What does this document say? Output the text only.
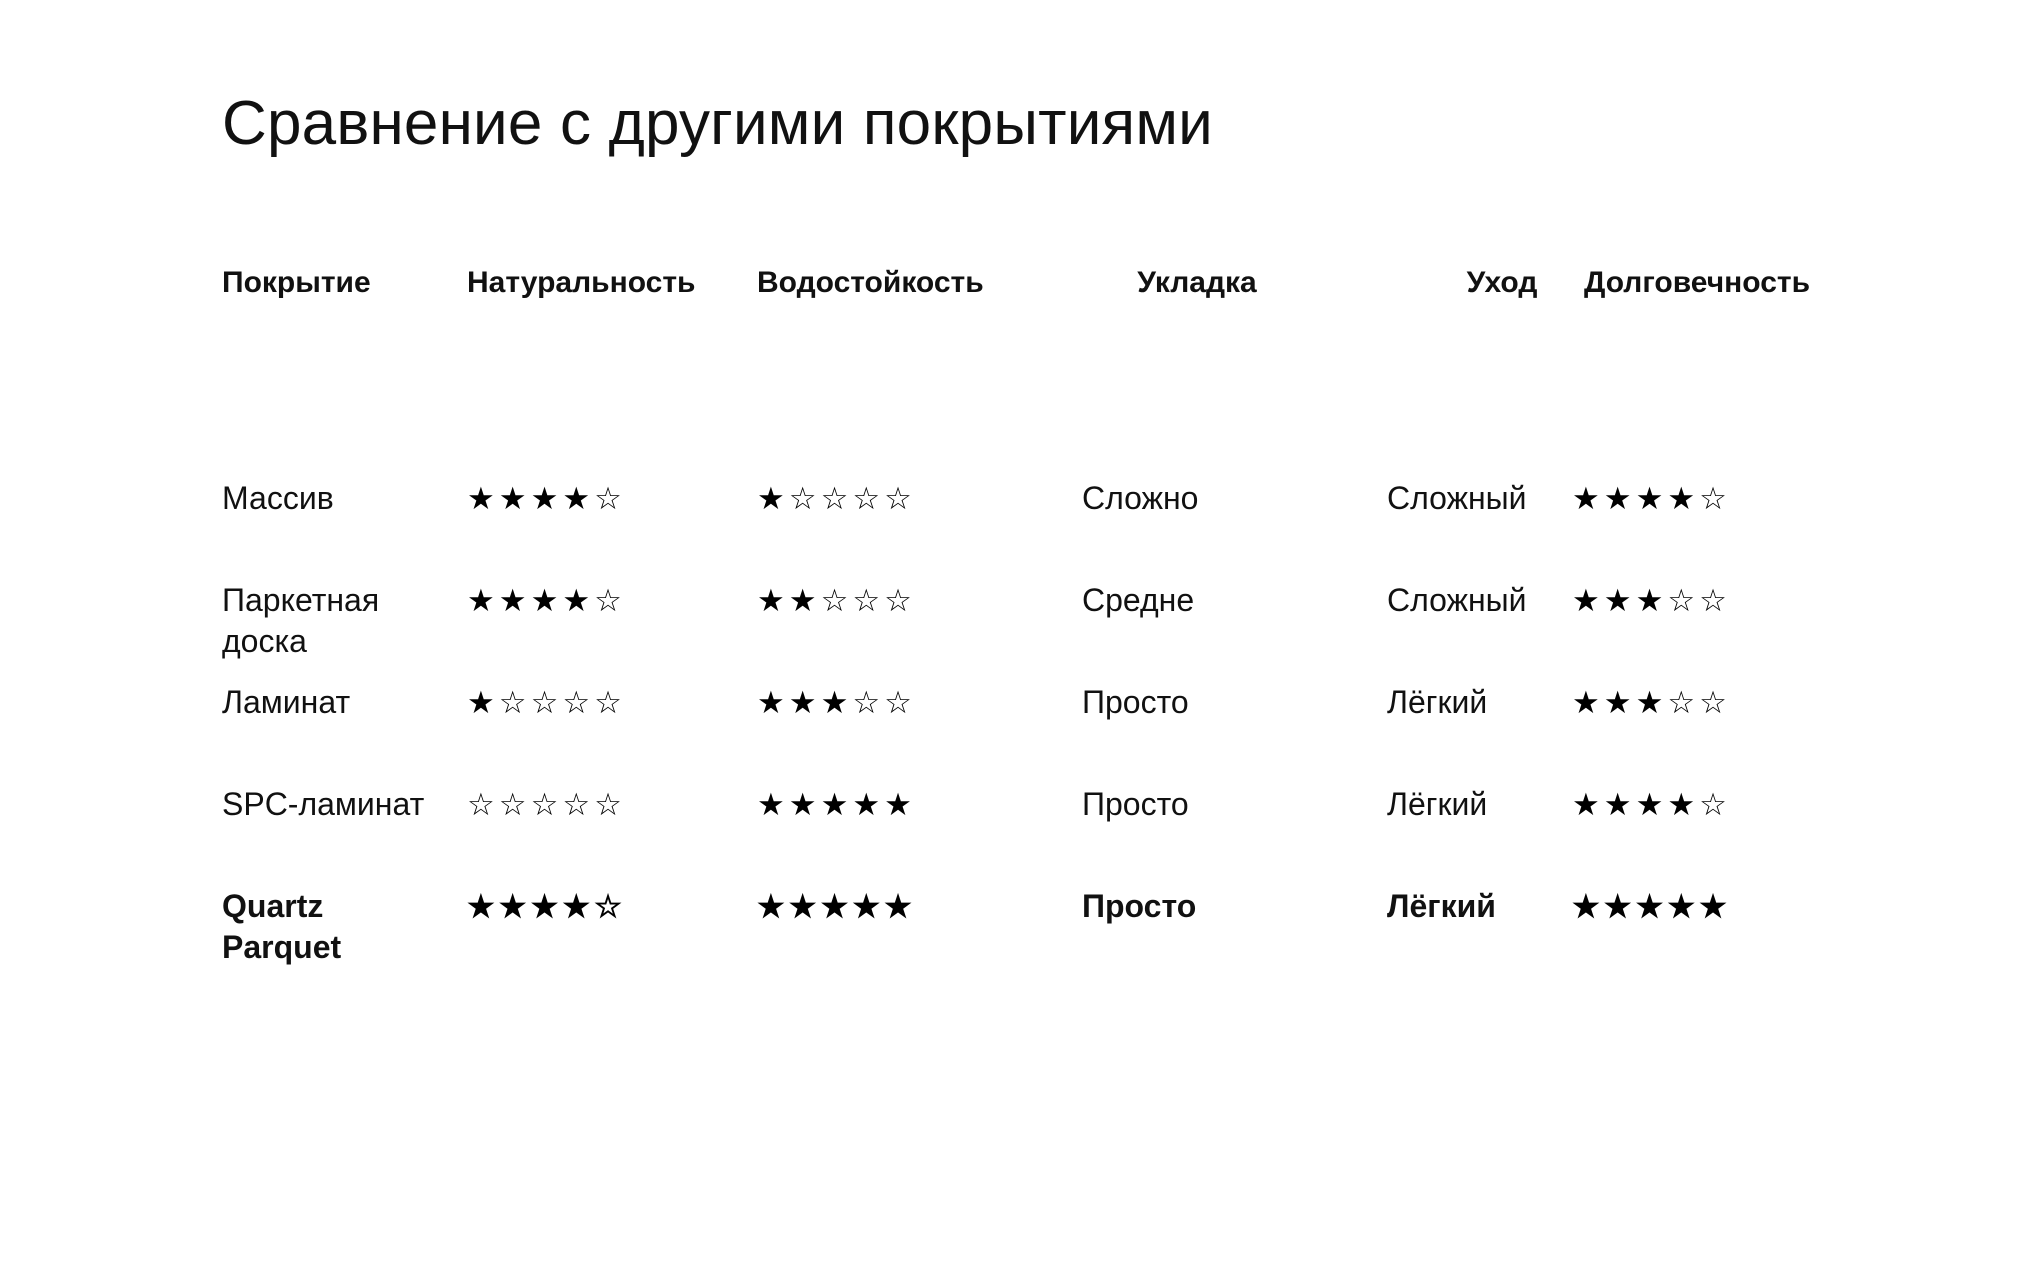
Сравнение с другими покрытиями
Покрытие	Натуральность	Водостойкость	Укладка	Уход	Долговечность

Массив	★★★★☆	★☆☆☆☆	Сложно	Сложный	★★★★☆

Паркетная доска	★★★★☆	★★☆☆☆	Средне	Сложный	★★★☆☆

Ламинат	★☆☆☆☆	★★★☆☆	Просто	Лёгкий	★★★☆☆

SPC-ламинат	☆☆☆☆☆	★★★★★	Просто	Лёгкий	★★★★☆

Quartz Parquet	★★★★☆	★★★★★	Просто	Лёгкий	★★★★★
